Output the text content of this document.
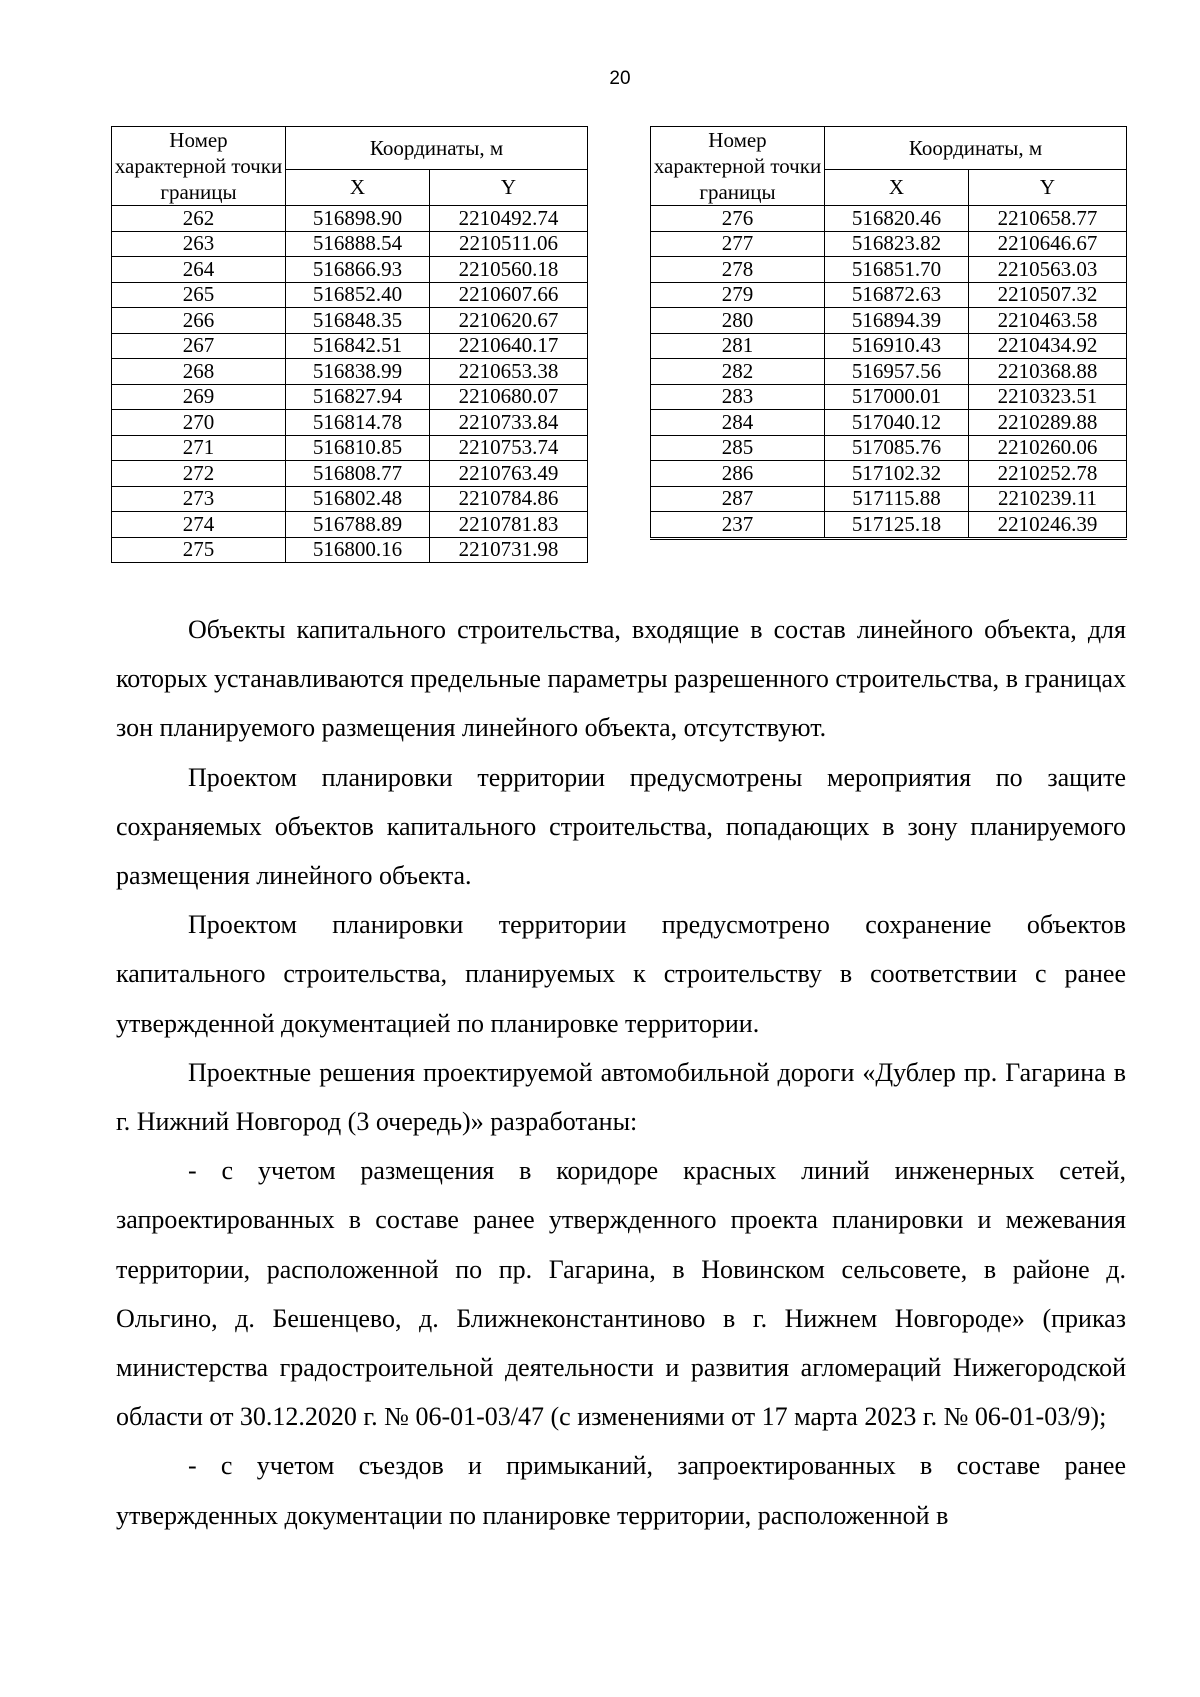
20
Номер характерной точки границы	Координаты, м	
	X	Y
262	516898.90	2210492.74
263	516888.54	2210511.06
264	516866.93	2210560.18
265	516852.40	2210607.66
266	516848.35	2210620.67
267	516842.51	2210640.17
268	516838.99	2210653.38
269	516827.94	2210680.07
270	516814.78	2210733.84
271	516810.85	2210753.74
272	516808.77	2210763.49
273	516802.48	2210784.86
274	516788.89	2210781.83
275	516800.16	2210731.98
Номер характерной точки границы	Координаты, м	
	X	Y
276	516820.46	2210658.77
277	516823.82	2210646.67
278	516851.70	2210563.03
279	516872.63	2210507.32
280	516894.39	2210463.58
281	516910.43	2210434.92
282	516957.56	2210368.88
283	517000.01	2210323.51
284	517040.12	2210289.88
285	517085.76	2210260.06
286	517102.32	2210252.78
287	517115.88	2210239.11
237	517125.18	2210246.39

Объекты капитального строительства, входящие в состав линейного объекта, для которых устанавливаются предельные параметры разрешенного строительства, в границах зон планируемого размещения линейного объекта, отсутствуют.

Проектом планировки территории предусмотрены мероприятия по защите сохраняемых объектов капитального строительства, попадающих в зону планируемого размещения линейного объекта.

Проектом планировки территории предусмотрено сохранение объектов капитального строительства, планируемых к строительству в соответствии с ранее утвержденной документацией по планировке территории.

Проектные решения проектируемой автомобильной дороги «Дублер пр. Гагарина в г. Нижний Новгород (3 очередь)» разработаны:

- с учетом размещения в коридоре красных линий инженерных сетей, запроектированных в составе ранее утвержденного проекта планировки и межевания территории, расположенной по пр. Гагарина, в Новинском сельсовете, в районе д. Ольгино, д. Бешенцево, д. Ближнеконстантиново в г. Нижнем Новгороде» (приказ министерства градостроительной деятельности и развития агломераций Нижегородской области от 30.12.2020 г. № 06-01-03/47 (с изменениями от 17 марта 2023 г. № 06-01-03/9);

- с учетом съездов и примыканий, запроектированных в составе ранее утвержденных документации по планировке территории, расположенной в
